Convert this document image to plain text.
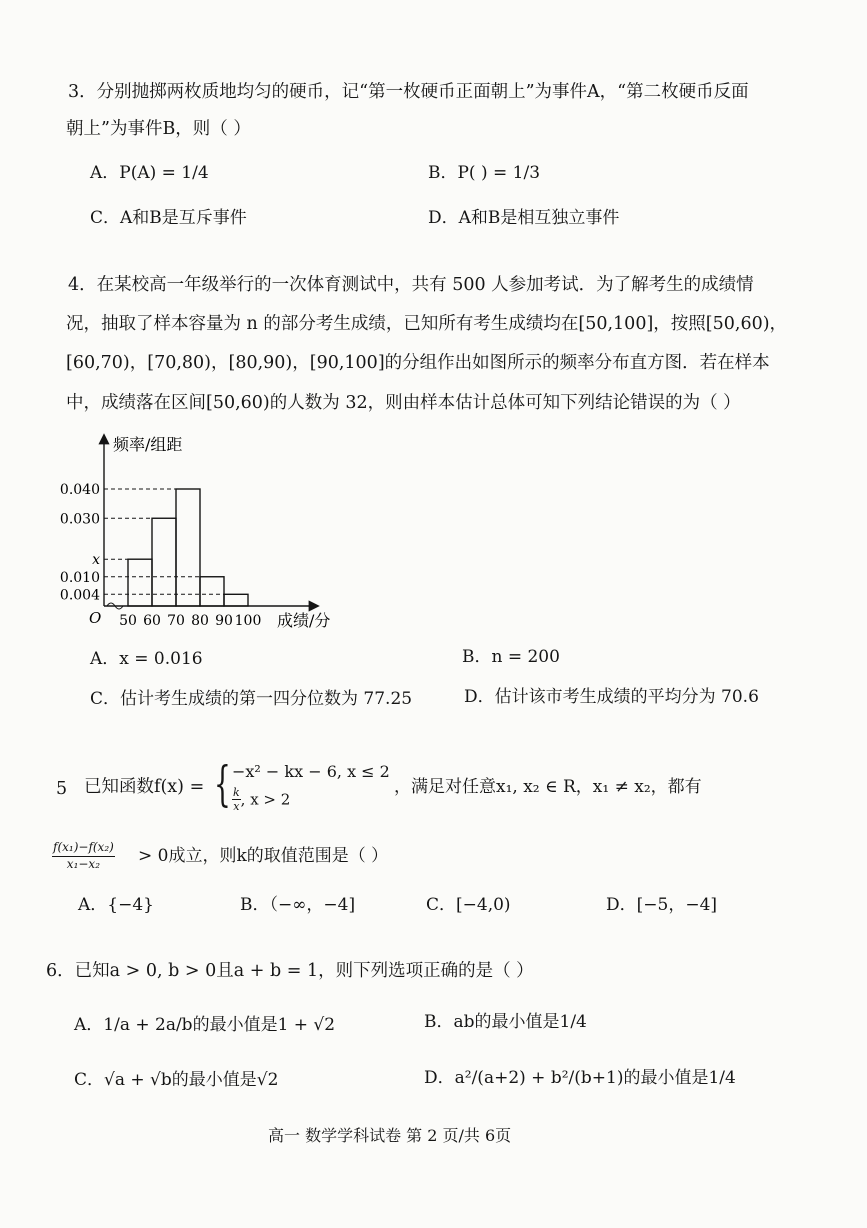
3．分别抛掷两枚质地均匀的硬币，记“第一枚硬币正面朝上”为事件A，“第二枚硬币反面
朝上”为事件B，则（ ）
A．P(A) = 1/4	B．P( ) = 1/3
C．A和B是互斥事件	D．A和B是相互独立事件
4．在某校高一年级举行的一次体育测试中，共有 500 人参加考试．为了解考生的成绩情
况，抽取了样本容量为 n 的部分考生成绩，已知所有考生成绩均在[50,100]，按照[50,60)，
[60,70)，[70,80)，[80,90)，[90,100]的分组作出如图所示的频率分布直方图．若在样本
中，成绩落在区间[50,60)的人数为 32，则由样本估计总体可知下列结论错误的为（ ）
0.040
0.030
x
0.010
0.004
50 60 70 80 90 100
频率/组距
成绩/分
O
A．x = 0.016	B．n = 200
C．估计考生成绩的第一四分位数为 77.25	D．估计该市考生成绩的平均分为 70.6
5 已知函数f(x) = { −x² − kx − 6, x ≤ 2
$\frac{k}{x}$ , x > 2
，满足对任意x₁, x₂ ∈ R，x₁ ≠ x₂，都有
$\frac{\text{f(x₁)−f(x₂)}}{\text{x₁−x₂}} > 0$成立，则k的取值范围是（ ）
A．{−4}	B．（−∞，−4]	C．[−4,0)	D．[−5，−4]
6．已知a > 0, b > 0且a + b = 1，则下列选项正确的是（ ）
A．1/a + 2a/b的最小值是1 + √2	B．ab的最小值是1/4
C．√a + √b的最小值是√2	D．a²/(a+2) + b²/(b+1)的最小值是1/4
高一 数学学科试卷 第 2 页/共 6页
